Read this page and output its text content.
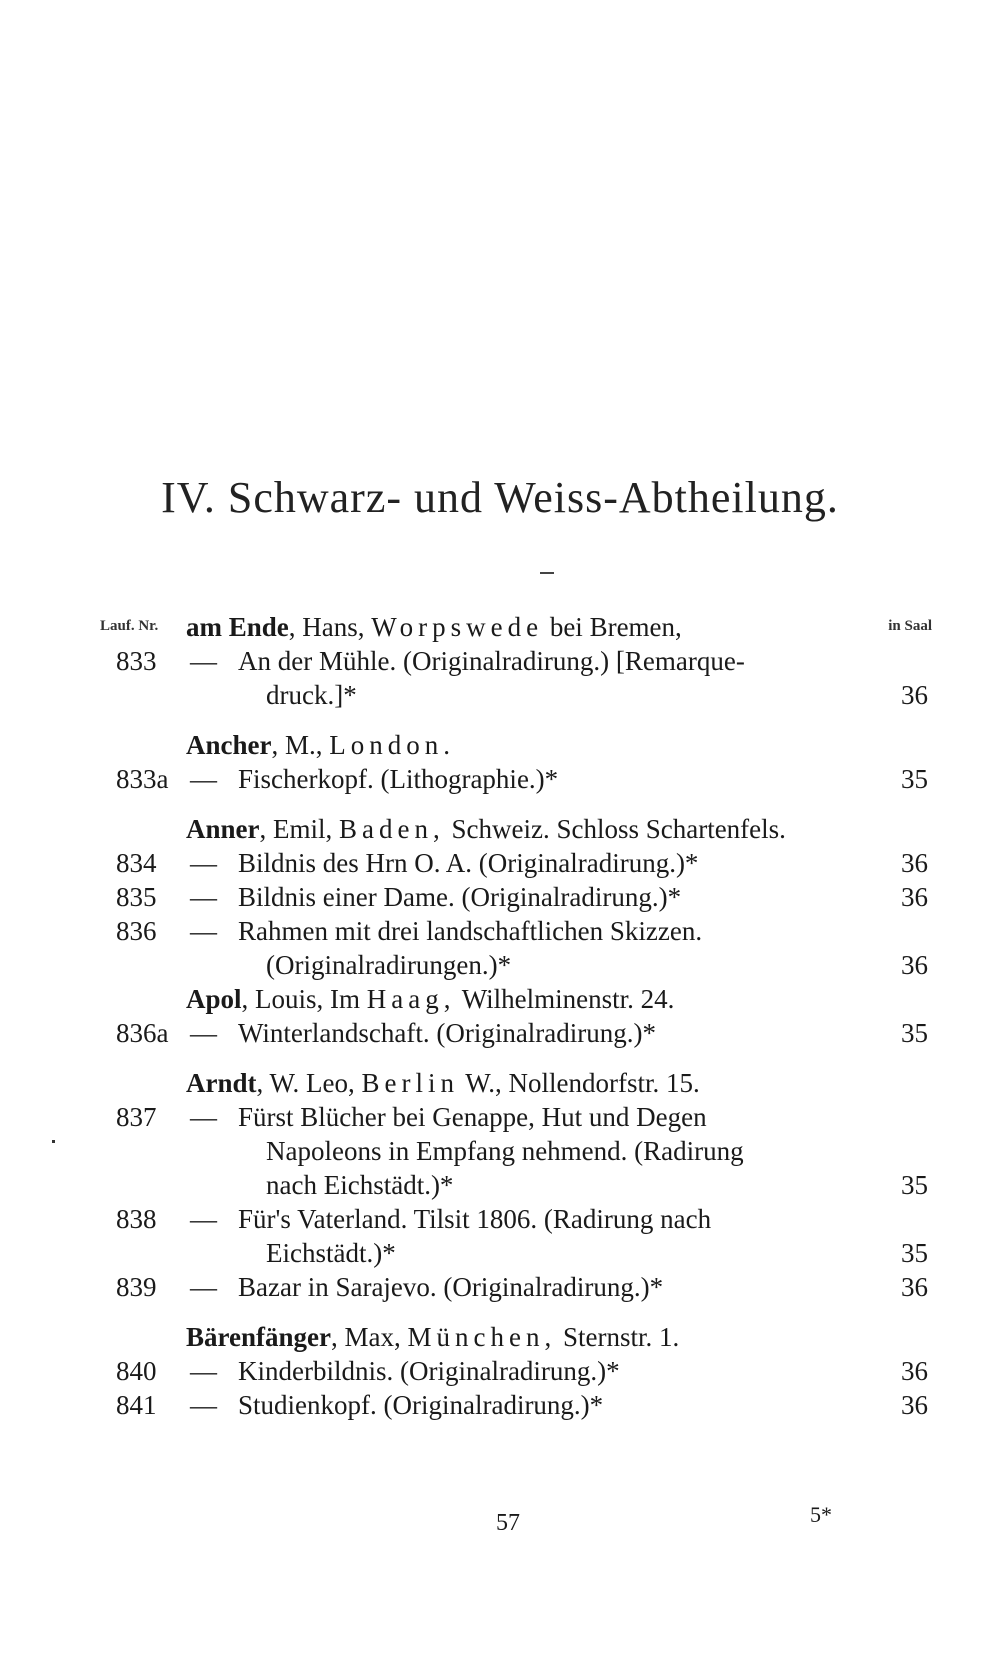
IV. Schwarz- und Weiss-Abtheilung.
Lauf. Nr.	in Saal
am Ende, Hans, Worpswede bei Bremen,
833 — An der Mühle. (Originalradirung.) [Remarque-
druck.]*	36
Ancher, M., London.
833a — Fischerkopf. (Lithographie.)*	35
Anner, Emil, Baden, Schweiz. Schloss Schartenfels.
834 — Bildnis des Hrn O. A. (Originalradirung.)*	36
835 — Bildnis einer Dame. (Originalradirung.)*	36
836 — Rahmen mit drei landschaftlichen Skizzen.
(Originalradirungen.)*	36
Apol, Louis, Im Haag, Wilhelminenstr. 24.
836a — Winterlandschaft. (Originalradirung.)*	35
Arndt, W. Leo, Berlin W., Nollendorfstr. 15.
837 — Fürst Blücher bei Genappe, Hut und Degen
Napoleons in Empfang nehmend. (Radirung
nach Eichstädt.)*	35
838 — Für's Vaterland. Tilsit 1806. (Radirung nach
Eichstädt.)*	35
839 — Bazar in Sarajevo. (Originalradirung.)*	36
Bärenfänger, Max, München, Sternstr. 1.
840 — Kinderbildnis. (Originalradirung.)*	36
841 — Studienkopf. (Originalradirung.)*	36
57	5*
